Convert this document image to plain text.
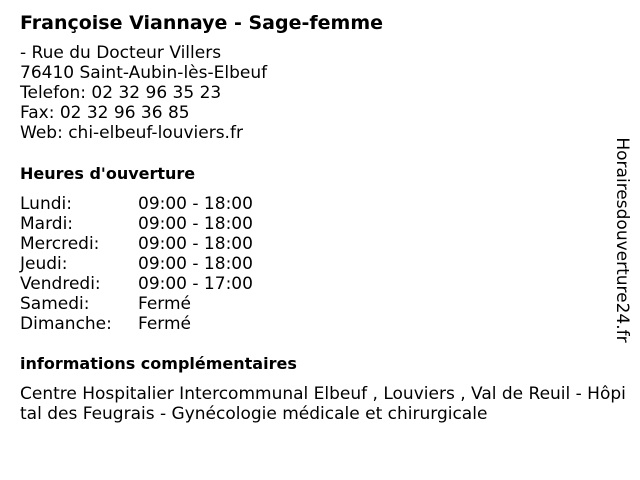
Françoise Viannaye - Sage-femme
- Rue du Docteur Villers
76410 Saint-Aubin-lès-Elbeuf
Telefon: 02 32 96 35 23
Fax: 02 32 96 36 85
Web: chi-elbeuf-louviers.fr
Heures d'ouverture
Lundi:	09:00 - 18:00
Mardi:	09:00 - 18:00
Mercredi: 09:00 - 18:00
Jeudi:	09:00 - 18:00
Vendredi: 09:00 - 17:00
Samedi:	Fermé
Dimanche: Fermé
informations complémentaires
Centre Hospitalier Intercommunal Elbeuf , Louviers , Val de Reuil - Hôpital des Feugrais - Gynécologie médicale et chirurgicale
Horairesdouverture24.fr
